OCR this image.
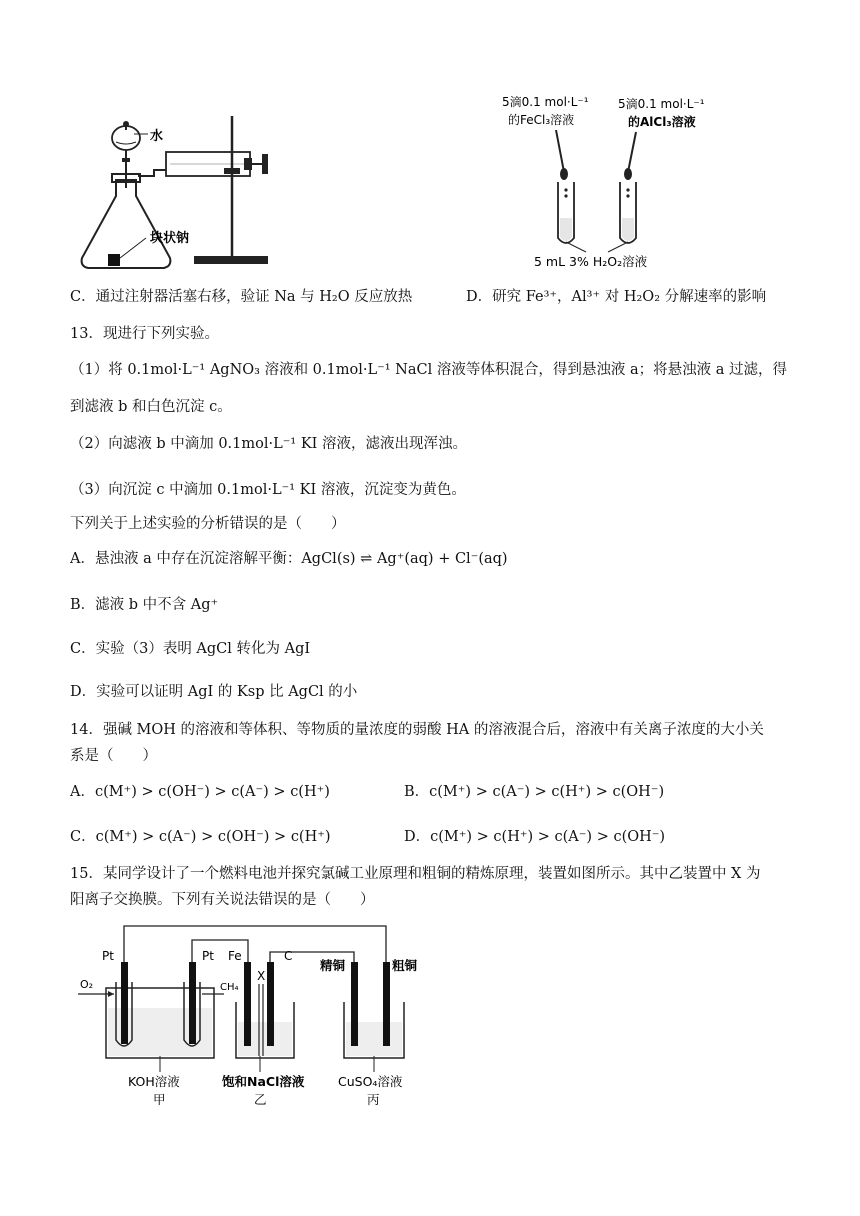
水
块状钠
5滴0.1 mol·L⁻¹
的FeCl₃溶液
5滴0.1 mol·L⁻¹
的AlCl₃溶液
5 mL 3% H₂O₂溶液
C．通过注射器活塞右移，验证 Na 与 H₂O 反应放热	D．研究 Fe³⁺，Al³⁺ 对 H₂O₂ 分解速率的影响
13．现进行下列实验。
（1）将 0.1mol·L⁻¹ AgNO₃ 溶液和 0.1mol·L⁻¹ NaCl 溶液等体积混合，得到悬浊液 a；将悬浊液 a 过滤，得
到滤液 b 和白色沉淀 c。
（2）向滤液 b 中滴加 0.1mol·L⁻¹ KI 溶液，滤液出现浑浊。
（3）向沉淀 c 中滴加 0.1mol·L⁻¹ KI 溶液，沉淀变为黄色。
下列关于上述实验的分析错误的是（　　）
A．悬浊液 a 中存在沉淀溶解平衡：AgCl(s) ⇌ Ag⁺(aq) + Cl⁻(aq)
B．滤液 b 中不含 Ag⁺
C．实验（3）表明 AgCl 转化为 AgI
D．实验可以证明 AgI 的 Ksp 比 AgCl 的小
14．强碱 MOH 的溶液和等体积、等物质的量浓度的弱酸 HA 的溶液混合后，溶液中有关离子浓度的大小关
系是（　　）
A．c(M⁺) > c(OH⁻) > c(A⁻) > c(H⁺)	B．c(M⁺) > c(A⁻) > c(H⁺) > c(OH⁻)
C．c(M⁺) > c(A⁻) > c(OH⁻) > c(H⁺)	D．c(M⁺) > c(H⁺) > c(A⁻) > c(OH⁻)
15．某同学设计了一个燃料电池并探究氯碱工业原理和粗铜的精炼原理，装置如图所示。其中乙装置中 X 为
阳离子交换膜。下列有关说法错误的是（　　）
Pt	Pt Fe	C
精铜	粗铜
O₂	CH₄
X
KOH溶液
甲
饱和NaCl溶液
乙
CuSO₄溶液
丙
